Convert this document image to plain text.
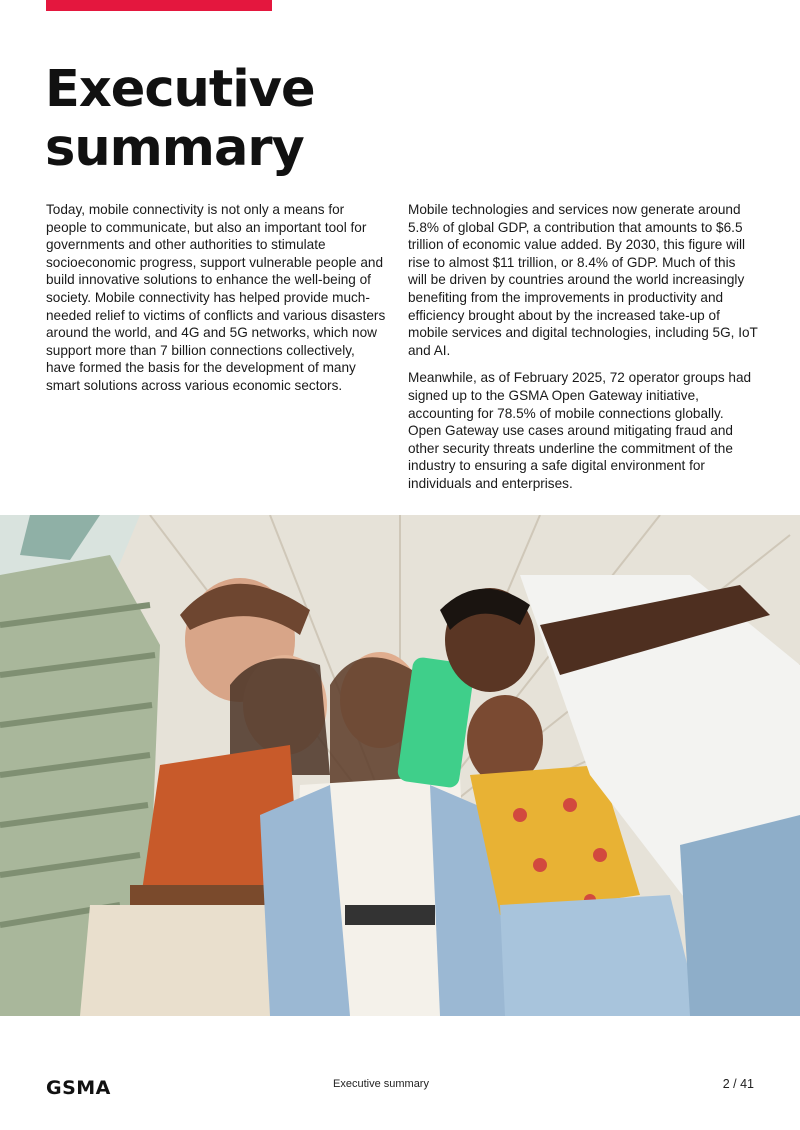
Executive
summary

Today, mobile connectivity is not only a means for people to communicate, but also an important tool for governments and other authorities to stimulate socioeconomic progress, support vulnerable people and build innovative solutions to enhance the well-being of society. Mobile connectivity has helped provide much-needed relief to victims of conflicts and various disasters around the world, and 4G and 5G networks, which now support more than 7 billion connections collectively, have formed the basis for the development of many smart solutions across various economic sectors.

Mobile technologies and services now generate around 5.8% of global GDP, a contribution that amounts to $6.5 trillion of economic value added. By 2030, this figure will rise to almost $11 trillion, or 8.4% of GDP. Much of this will be driven by countries around the world increasingly benefiting from the improvements in productivity and efficiency brought about by the increased take-up of mobile services and digital technologies, including 5G, IoT and AI.

Meanwhile, as of February 2025, 72 operator groups had signed up to the GSMA Open Gateway initiative, accounting for 78.5% of mobile connections globally. Open Gateway use cases around mitigating fraud and other security threats underline the commitment of the industry to ensuring a safe digital environment for individuals and enterprises.

GSMA	Executive summary	2 / 41
